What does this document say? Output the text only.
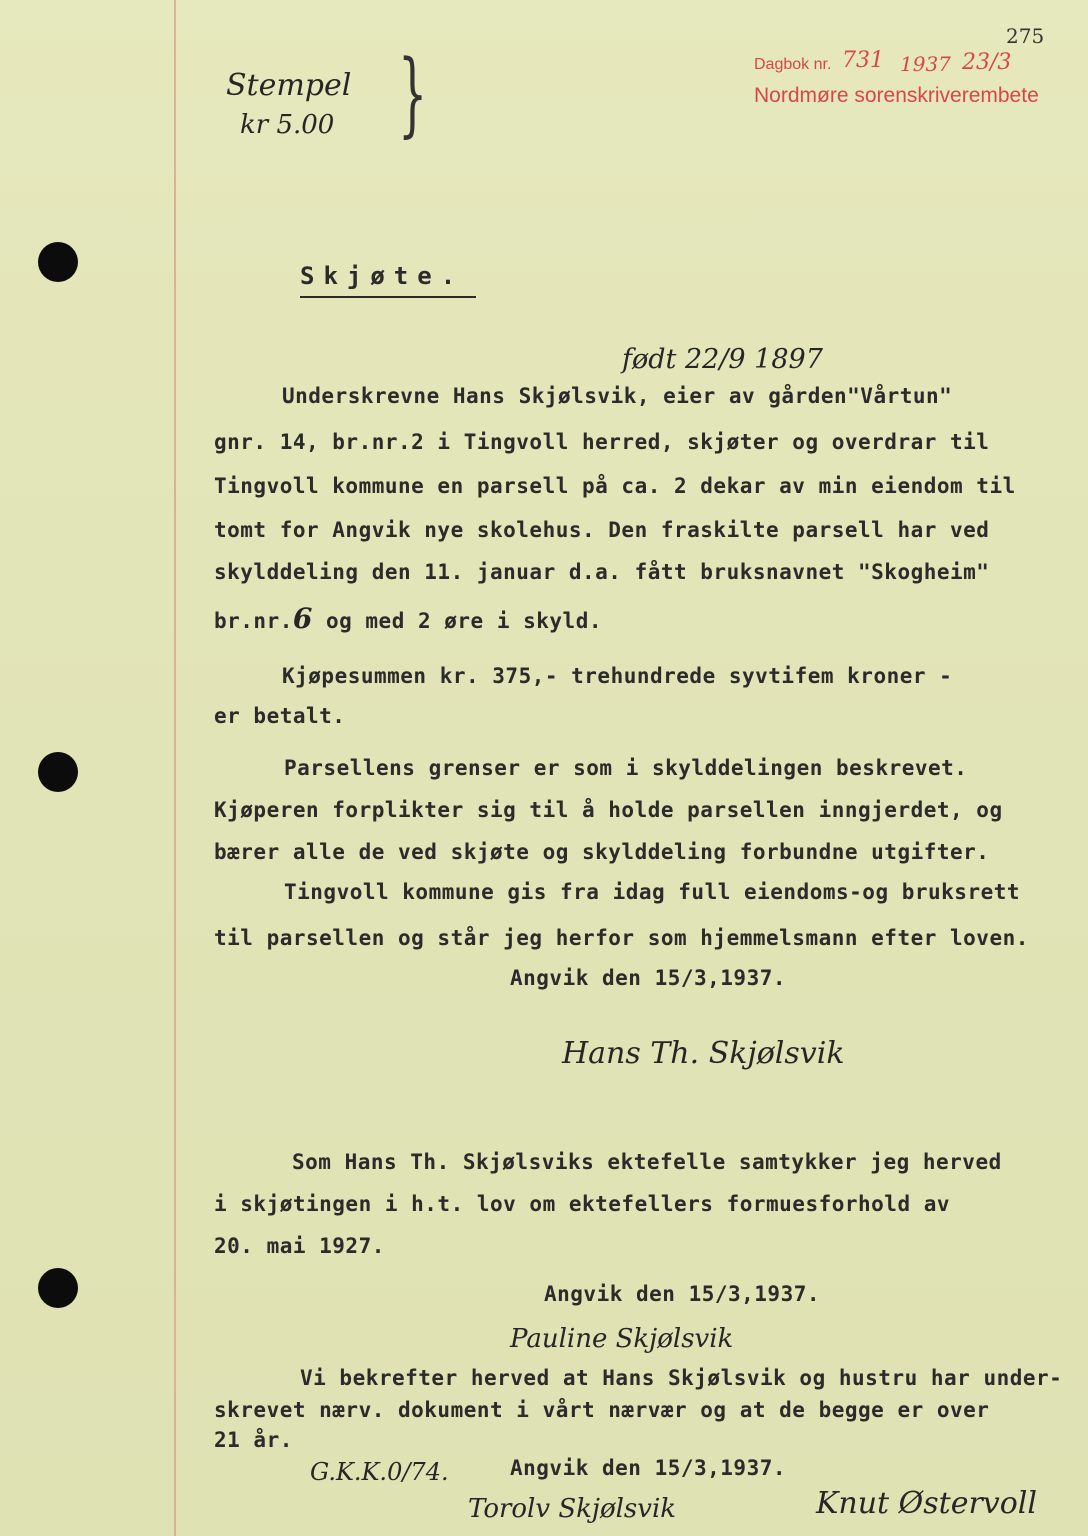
275
Dagbok nr. 731 1937 23/3
Nordmøre sorenskriverembete
Stempel
kr 5.00 }
Skjøte.
født 22/9 1897
Underskrevne Hans Skjølsvik, eier av gården"Vårtun"
gnr. 14, br.nr.2 i Tingvoll herred, skjøter og overdrar til
Tingvoll kommune en parsell på ca. 2 dekar av min eiendom til
tomt for Angvik nye skolehus. Den fraskilte parsell har ved
skylddeling den 11. januar d.a. fått bruksnavnet "Skogheim"
br.nr.6 og med 2 øre i skyld.
Kjøpesummen kr. 375,- trehundrede syvtifem kroner -
er betalt.
Parsellens grenser er som i skylddelingen beskrevet.
Kjøperen forplikter sig til å holde parsellen inngjerdet, og
bærer alle de ved skjøte og skylddeling forbundne utgifter.
Tingvoll kommune gis fra idag full eiendoms-og bruksrett
til parsellen og står jeg herfor som hjemmelsmann efter loven.
Angvik den 15/3,1937.
Hans Th. Skjølsvik
Som Hans Th. Skjølsviks ektefelle samtykker jeg herved
i skjøtingen i h.t. lov om ektefellers formuesforhold av
20. mai 1927.
Angvik den 15/3,1937.
Pauline Skjølsvik
Vi bekrefter herved at Hans Skjølsvik og hustru har under-
skrevet nærv. dokument i vårt nærvær og at de begge er over
21 år.
G.K.K.0/74.	Angvik den 15/3,1937.
Torolv Skjølsvik	Knut Østervoll
